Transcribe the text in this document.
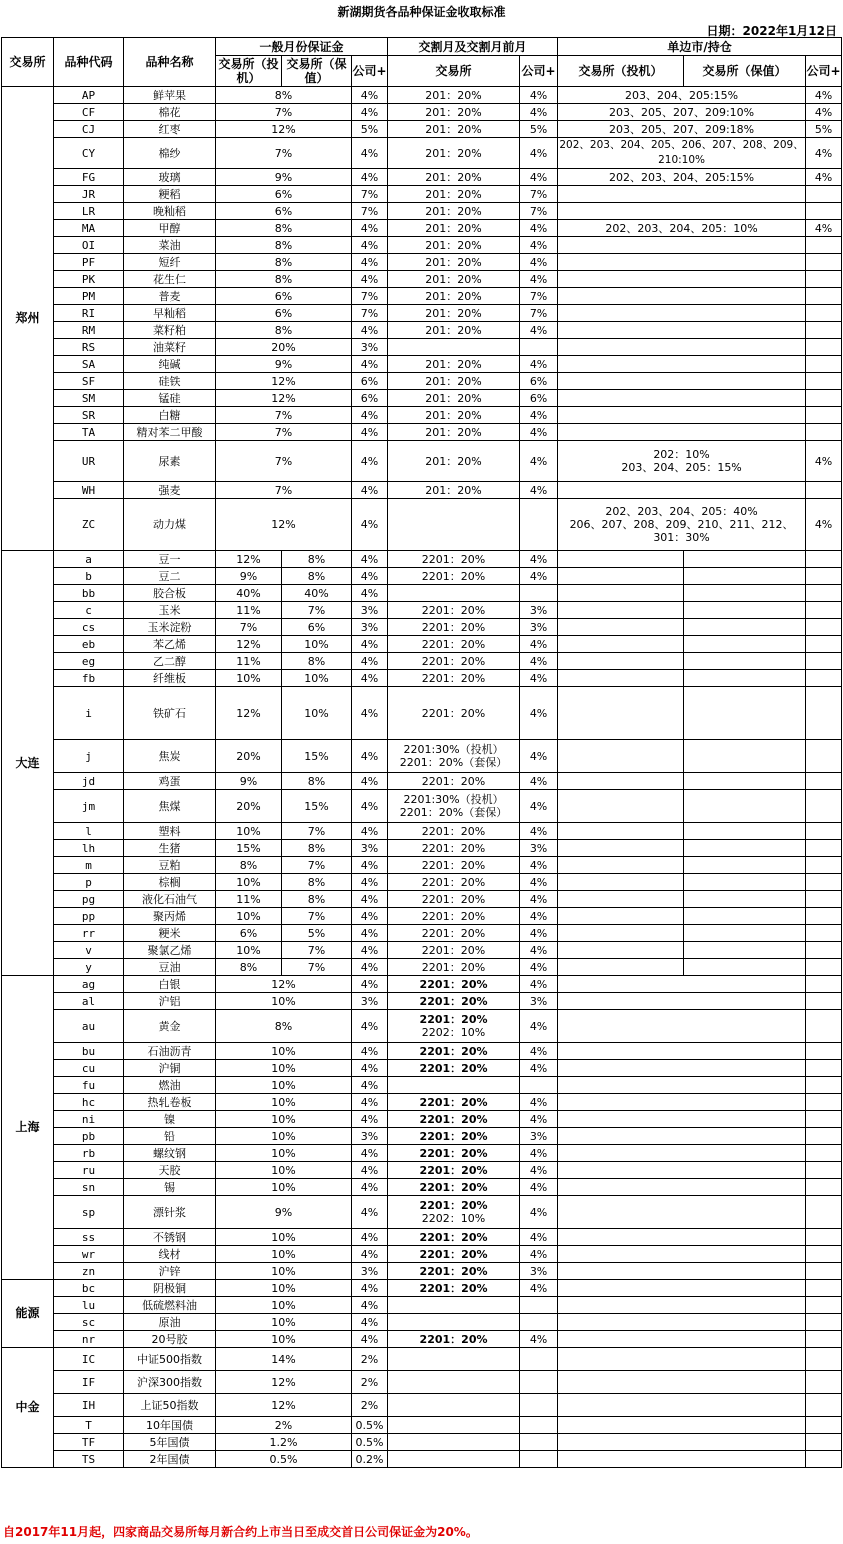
新湖期货各品种保证金收取标准
日期：2022年1月12日
交易所	品种代码	品种名称	一般月份保证金			交割月及交割月前月		单边市/持仓		
			交易所（投机）	交易所（保值）	公司+	交易所	公司+	交易所（投机）	交易所（保值）	公司+
郑州	AP	鲜苹果	8%		4%	201：20%	4%	203、204、205:15%		4%
	CF	棉花	7%		4%	201：20%	4%	203、205、207、209:10%		4%
	CJ	红枣	12%		5%	201：20%	5%	203、205、207、209:18%		5%
	CY	棉纱	7%		4%	201：20%	4%	202、203、204、205、206、207、208、209、210:10%		4%
	FG	玻璃	9%		4%	201：20%	4%	202、203、204、205:15%		4%
	JR	粳稻	6%		7%	201：20%	7%			
	LR	晚籼稻	6%		7%	201：20%	7%			
	MA	甲醇	8%		4%	201：20%	4%	202、203、204、205：10%		4%
	OI	菜油	8%		4%	201：20%	4%			
	PF	短纤	8%		4%	201：20%	4%			
	PK	花生仁	8%		4%	201：20%	4%			
	PM	普麦	6%		7%	201：20%	7%			
	RI	早籼稻	6%		7%	201：20%	7%			
	RM	菜籽粕	8%		4%	201：20%	4%			
	RS	油菜籽	20%		3%					
	SA	纯碱	9%		4%	201：20%	4%			
	SF	硅铁	12%		6%	201：20%	6%			
	SM	锰硅	12%		6%	201：20%	6%			
	SR	白糖	7%		4%	201：20%	4%			
	TA	精对苯二甲酸	7%		4%	201：20%	4%			
	UR	尿素	7%		4%	201：20%	4%	202：10%
203、204、205：15%		4%
	WH	强麦	7%		4%	201：20%	4%			
	ZC	动力煤	12%		4%			202、203、204、205：40%
206、207、208、209、210、211、212、301：30%		4%
大连	a	豆一	12%	8%	4%	2201：20%	4%			
	b	豆二	9%	8%	4%	2201：20%	4%			
	bb	胶合板	40%	40%	4%					
	c	玉米	11%	7%	3%	2201：20%	3%			
	cs	玉米淀粉	7%	6%	3%	2201：20%	3%			
	eb	苯乙烯	12%	10%	4%	2201：20%	4%			
	eg	乙二醇	11%	8%	4%	2201：20%	4%			
	fb	纤维板	10%	10%	4%	2201：20%	4%			
	i	铁矿石	12%	10%	4%	2201：20%	4%			
	j	焦炭	20%	15%	4%	2201:30%（投机）
2201：20%（套保）	4%			
	jd	鸡蛋	9%	8%	4%	2201：20%	4%			
	jm	焦煤	20%	15%	4%	2201:30%（投机）
2201：20%（套保）	4%			
	l	塑料	10%	7%	4%	2201：20%	4%			
	lh	生猪	15%	8%	3%	2201：20%	3%			
	m	豆粕	8%	7%	4%	2201：20%	4%			
	p	棕榈	10%	8%	4%	2201：20%	4%			
	pg	液化石油气	11%	8%	4%	2201：20%	4%			
	pp	聚丙烯	10%	7%	4%	2201：20%	4%			
	rr	粳米	6%	5%	4%	2201：20%	4%			
	v	聚氯乙烯	10%	7%	4%	2201：20%	4%			
	y	豆油	8%	7%	4%	2201：20%	4%			
上海	ag	白银	12%		4%	2201：20%	4%			
	al	沪铝	10%		3%	2201：20%	3%			
	au	黄金	8%		4%	2201：20%
2202：10%	4%			
	bu	石油沥青	10%		4%	2201：20%	4%			
	cu	沪铜	10%		4%	2201：20%	4%			
	fu	燃油	10%		4%					
	hc	热轧卷板	10%		4%	2201：20%	4%			
	ni	镍	10%		4%	2201：20%	4%			
	pb	铅	10%		3%	2201：20%	3%			
	rb	螺纹钢	10%		4%	2201：20%	4%			
	ru	天胶	10%		4%	2201：20%	4%			
	sn	锡	10%		4%	2201：20%	4%			
	sp	漂针浆	9%		4%	2201：20%
2202：10%	4%			
	ss	不锈钢	10%		4%	2201：20%	4%			
	wr	线材	10%		4%	2201：20%	4%			
	zn	沪锌	10%		3%	2201：20%	3%			
能源	bc	阴极铜	10%		4%	2201：20%	4%			
	lu	低硫燃料油	10%		4%					
	sc	原油	10%		4%					
	nr	20号胶	10%		4%	2201：20%	4%			
中金	IC	中证500指数	14%		2%					
	IF	沪深300指数	12%		2%					
	IH	上证50指数	12%		2%					
	T	10年国债	2%		0.5%					
	TF	5年国债	1.2%		0.5%					
	TS	2年国债	0.5%		0.2%					
自2017年11月起，四家商品交易所每月新合约上市当日至成交首日公司保证金为20%。
